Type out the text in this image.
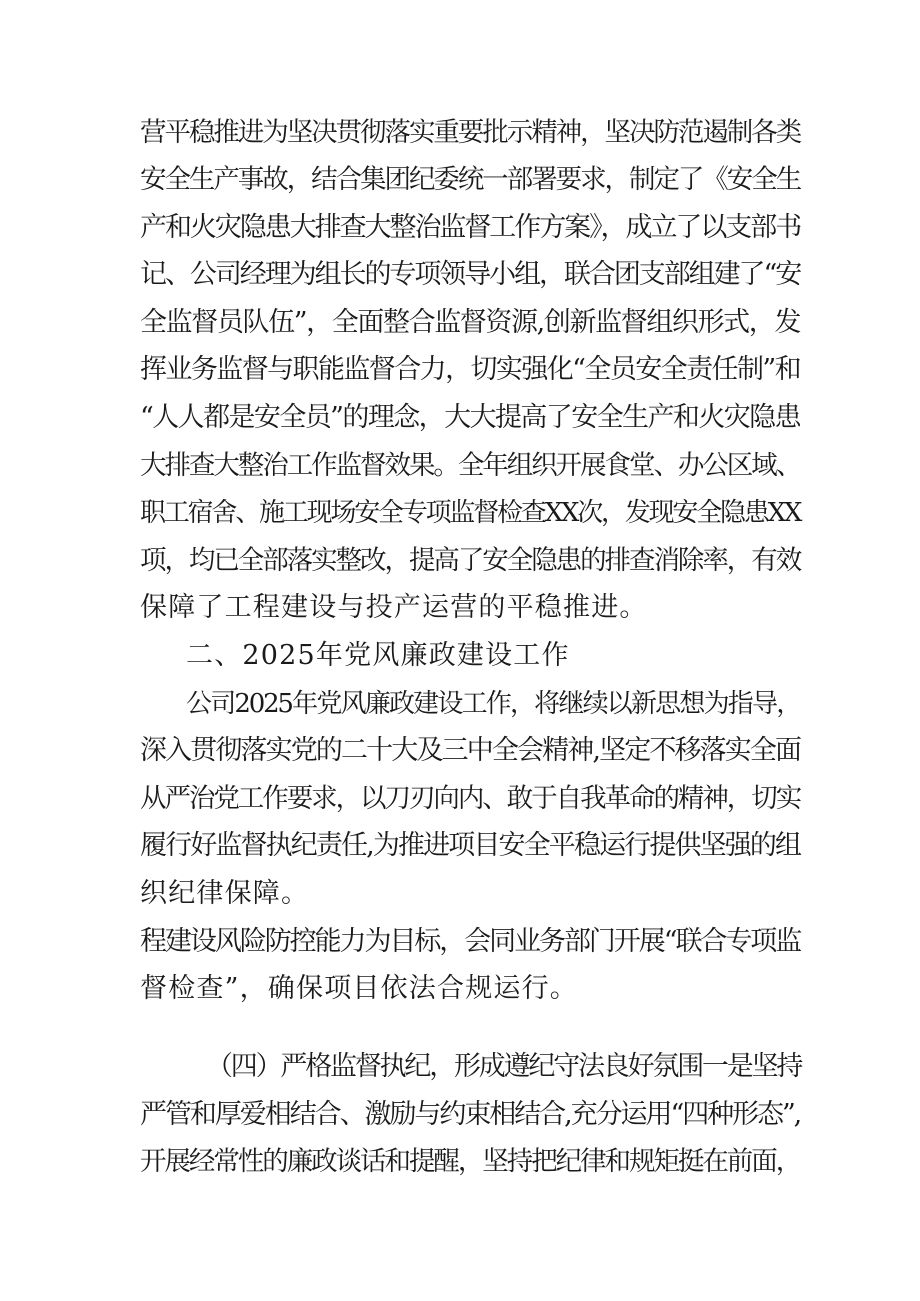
营平稳推进为坚决贯彻落实重要批示精神，坚决防范遏制各类
安全生产事故，结合集团纪委统一部署要求，制定了《安全生
产和火灾隐患大排查大整治监督工作方案》，成立了以支部书
记、公司经理为组长的专项领导小组，联合团支部组建了“安
全监督员队伍”，全面整合监督资源,创新监督组织形式，发
挥业务监督与职能监督合力，切实强化“全员安全责任制”和
“人人都是安全员”的理念，大大提高了安全生产和火灾隐患
大排查大整治工作监督效果。全年组织开展食堂、办公区域、
职工宿舍、施工现场安全专项监督检查XX次，发现安全隐患XX
项，均已全部落实整改，提高了安全隐患的排查消除率，有效
保障了工程建设与投产运营的平稳推进。
二、2025年党风廉政建设工作
公司2025年党风廉政建设工作，将继续以新思想为指导，
深入贯彻落实党的二十大及三中全会精神,坚定不移落实全面
从严治党工作要求，以刀刃向内、敢于自我革命的精神，切实
履行好监督执纪责任,为推进项目安全平稳运行提供坚强的组
织纪律保障。
程建设风险防控能力为目标，会同业务部门开展“联合专项监
督检查”，确保项目依法合规运行。
（四）严格监督执纪，形成遵纪守法良好氛围一是坚持
严管和厚爱相结合、激励与约束相结合,充分运用“四种形态”,
开展经常性的廉政谈话和提醒，坚持把纪律和规矩挺在前面，
